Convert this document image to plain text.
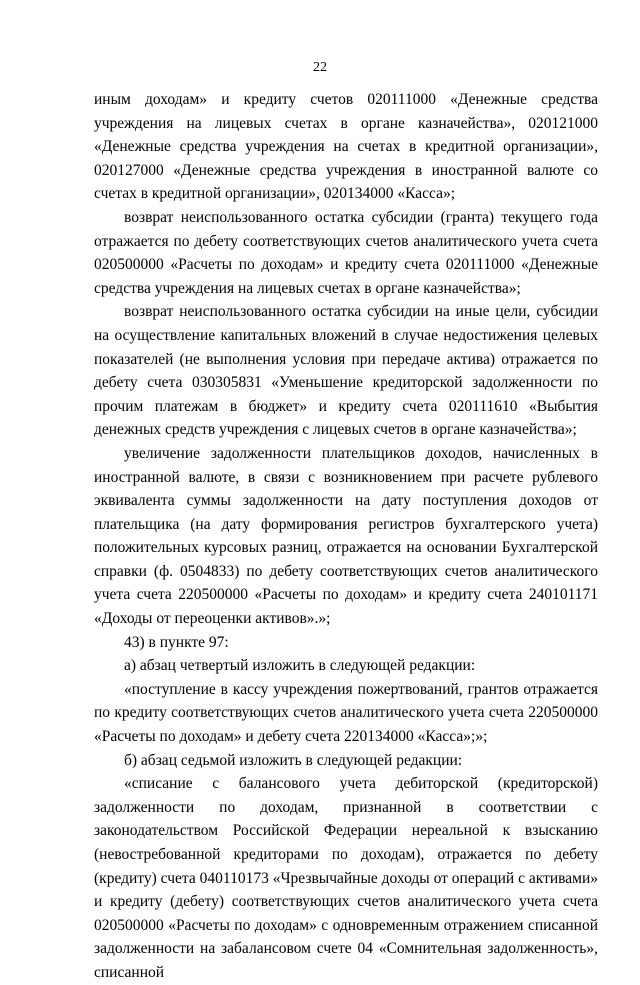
22

иным доходам» и кредиту счетов 020111000 «Денежные средства учреждения на лицевых счетах в органе казначейства», 020121000 «Денежные средства учреждения на счетах в кредитной организации», 020127000 «Денежные средства учреждения в иностранной валюте со счетах в кредитной организации», 020134000 «Касса»;

возврат неиспользованного остатка субсидии (гранта) текущего года отражается по дебету соответствующих счетов аналитического учета счета 020500000 «Расчеты по доходам» и кредиту счета 020111000 «Денежные средства учреждения на лицевых счетах в органе казначейства»;

возврат неиспользованного остатка субсидии на иные цели, субсидии на осуществление капитальных вложений в случае недостижения целевых показателей (не выполнения условия при передаче актива) отражается по дебету счета 030305831 «Уменьшение кредиторской задолженности по прочим платежам в бюджет» и кредиту счета 020111610 «Выбытия денежных средств учреждения с лицевых счетов в органе казначейства»;

увеличение задолженности плательщиков доходов, начисленных в иностранной валюте, в связи с возникновением при расчете рублевого эквивалента суммы задолженности на дату поступления доходов от плательщика (на дату формирования регистров бухгалтерского учета) положительных курсовых разниц, отражается на основании Бухгалтерской справки (ф. 0504833) по дебету соответствующих счетов аналитического учета счета 220500000 «Расчеты по доходам» и кредиту счета 240101171 «Доходы от переоценки активов».»;

43) в пункте 97:

а) абзац четвертый изложить в следующей редакции:

«поступление в кассу учреждения пожертвований, грантов отражается по кредиту соответствующих счетов аналитического учета счета 220500000 «Расчеты по доходам» и дебету счета 220134000 «Касса»;»;

б) абзац седьмой изложить в следующей редакции:

«списание с балансового учета дебиторской (кредиторской) задолженности по доходам, признанной в соответствии с законодательством Российской Федерации нереальной к взысканию (невостребованной кредиторами по доходам), отражается по дебету (кредиту) счета 040110173 «Чрезвычайные доходы от операций с активами» и кредиту (дебету) соответствующих счетов аналитического учета счета 020500000 «Расчеты по доходам» с одновременным отражением списанной задолженности на забалансовом счете 04 «Сомнительная задолженность», списанной
